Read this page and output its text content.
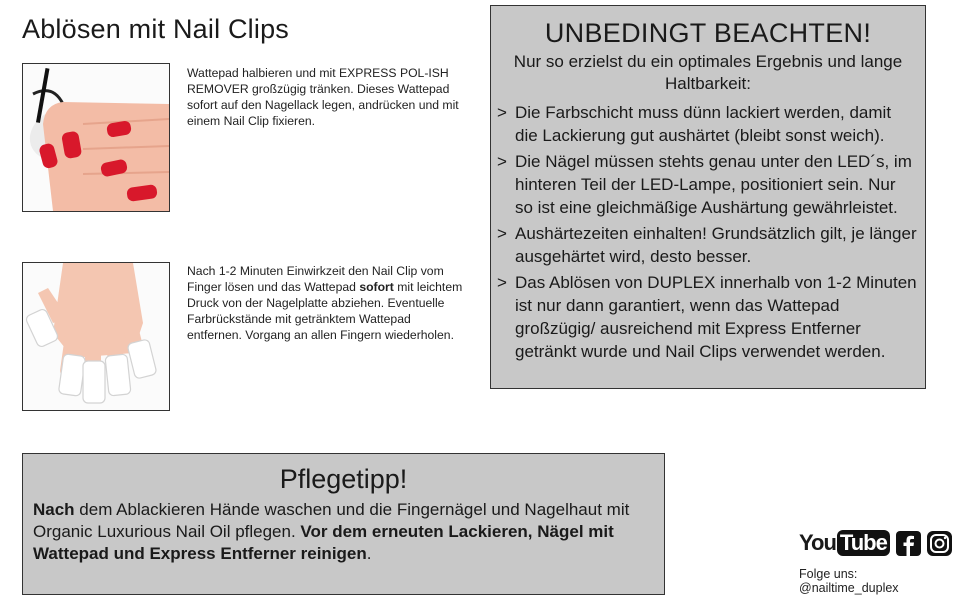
Ablösen mit Nail Clips
Wattepad halbieren und mit EXPRESS POL-ISH REMOVER großzügig tränken. Dieses Wattepad sofort auf den Nagellack legen, andrücken und mit einem Nail Clip fixieren.
Nach 1-2 Minuten Einwirkzeit den Nail Clip vom Finger lösen und das Wattepad sofort mit leichtem Druck von der Nagelplatte abziehen. Eventuelle Farbrückstände mit getränktem Wattepad entfernen. Vorgang an allen Fingern wiederholen.
UNBEDINGT BEACHTEN!
Nur so erzielst du ein optimales Ergebnis und lange Haltbarkeit:
> Die Farbschicht muss dünn lackiert werden, damit die Lackierung gut aushärtet (bleibt sonst weich).
> Die Nägel müssen stehts genau unter den LED´s, im hinteren Teil der LED-Lampe, positioniert sein. Nur so ist eine gleichmäßige Aushärtung gewährleistet.
> Aushärtezeiten einhalten! Grundsätzlich gilt, je länger ausgehärtet wird, desto besser.
> Das Ablösen von DUPLEX innerhalb von 1-2 Minuten ist nur dann garantiert, wenn das Wattepad großzügig/ ausreichend mit Express Entferner getränkt wurde und Nail Clips verwendet werden.
Pflegetipp!
Nach dem Ablackieren Hände waschen und die Fingernägel und Nagelhaut mit Organic Luxurious Nail Oil pflegen. Vor dem erneuten Lackieren, Nägel mit Wattepad und Express Entferner reinigen.	You Tube
Folge uns:
@nailtime_duplex
